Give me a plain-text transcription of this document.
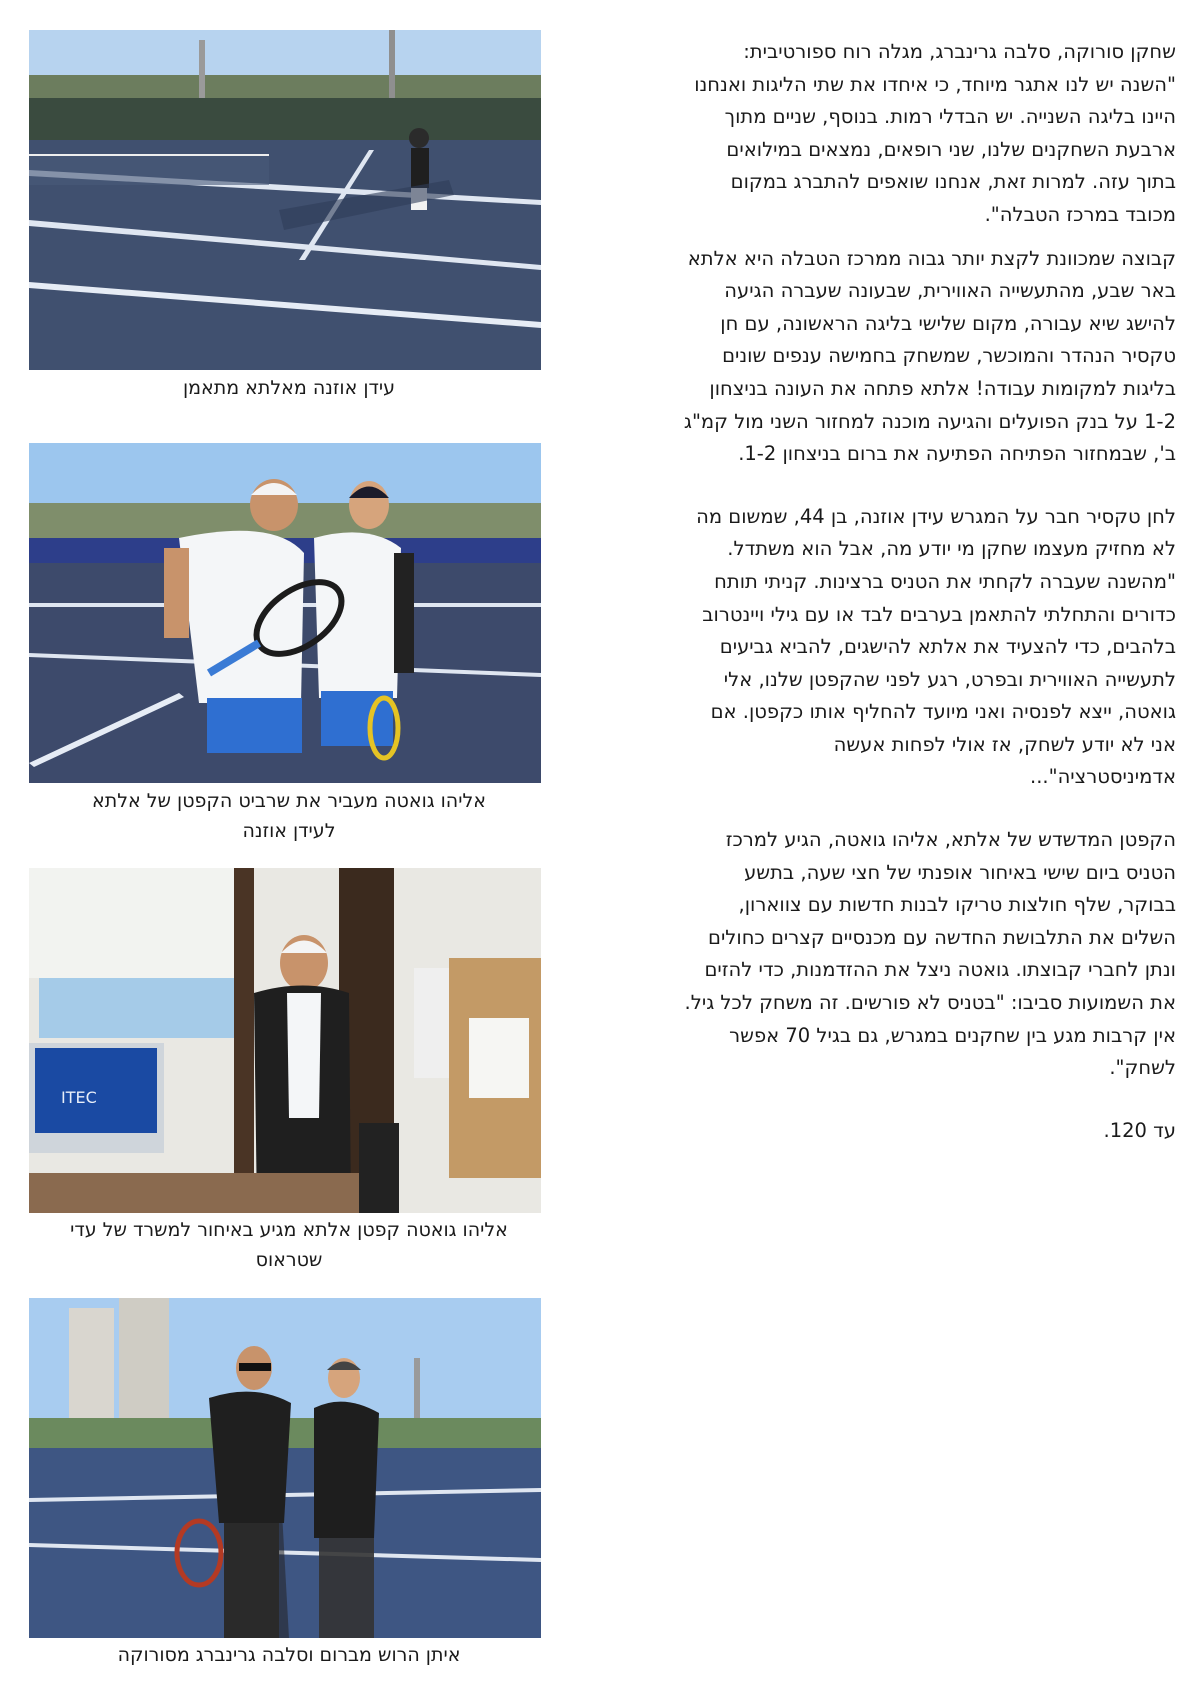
שחקן סורוקה, סלבה גרינברג, מגלה רוח ספורטיבית:

"השנה יש לנו אתגר מיוחד, כי איחדו את שתי הליגות ואנחנו

היינו בליגה השנייה. יש הבדלי רמות. בנוסף, שניים מתוך

ארבעת השחקנים שלנו, שני רופאים, נמצאים במילואים

בתוך עזה. למרות זאת, אנחנו שואפים להתברג במקום

מכובד במרכז הטבלה".

קבוצה שמכוונת לקצת יותר גבוה ממרכז הטבלה היא אלתא

באר שבע, מהתעשייה האווירית, שבעונה שעברה הגיעה

להישג שיא עבורה, מקום שלישי בליגה הראשונה, עם חן

טקסיר הנהדר והמוכשר, שמשחק בחמישה ענפים שונים

בליגות למקומות עבודה! אלתא פתחה את העונה בניצחון

1-2 על בנק הפועלים והגיעה מוכנה למחזור השני מול קמ"ג

ב', שבמחזור הפתיחה הפתיעה את ברום בניצחון 1-2.

לחן טקסיר חבר על המגרש עידן אוזנה, בן 44, שמשום מה

לא מחזיק מעצמו שחקן מי יודע מה, אבל הוא משתדל.

"מהשנה שעברה לקחתי את הטניס ברצינות. קניתי תותח

כדורים והתחלתי להתאמן בערבים לבד או עם גילי ויינטרוב

בלהבים, כדי להצעיד את אלתא להישגים, להביא גביעים

לתעשייה האווירית ובפרט, רגע לפני שהקפטן שלנו, אלי

גואטה, ייצא לפנסיה ואני מיועד להחליף אותו כקפטן. אם

אני לא יודע לשחק, אז אולי לפחות אעשה

אדמיניסטרציה"...

הקפטן המדשדש של אלתא, אליהו גואטה, הגיע למרכז

הטניס ביום שישי באיחור אופנתי של חצי שעה, בתשע

בבוקר, שלף חולצות טריקו לבנות חדשות עם צווארון,

השלים את התלבושת החדשה עם מכנסיים קצרים כחולים

ונתן לחברי קבוצתו. גואטה ניצל את ההזדמנות, כדי להזים

את השמועות סביבו: "בטניס לא פורשים. זה משחק לכל גיל.

אין קרבות מגע בין שחקנים במגרש, גם בגיל 70 אפשר

לשחק".

עד 120.

עידן אוזנה מאלתא מתאמן
אליהו גואטה מעביר את שרביט הקפטן של אלתא
לעידן אוזנה
ITEC
אליהו גואטה קפטן אלתא מגיע באיחור למשרד של עדי
שטראוס
איתן הרוש מברום וסלבה גרינברג מסורוקה
